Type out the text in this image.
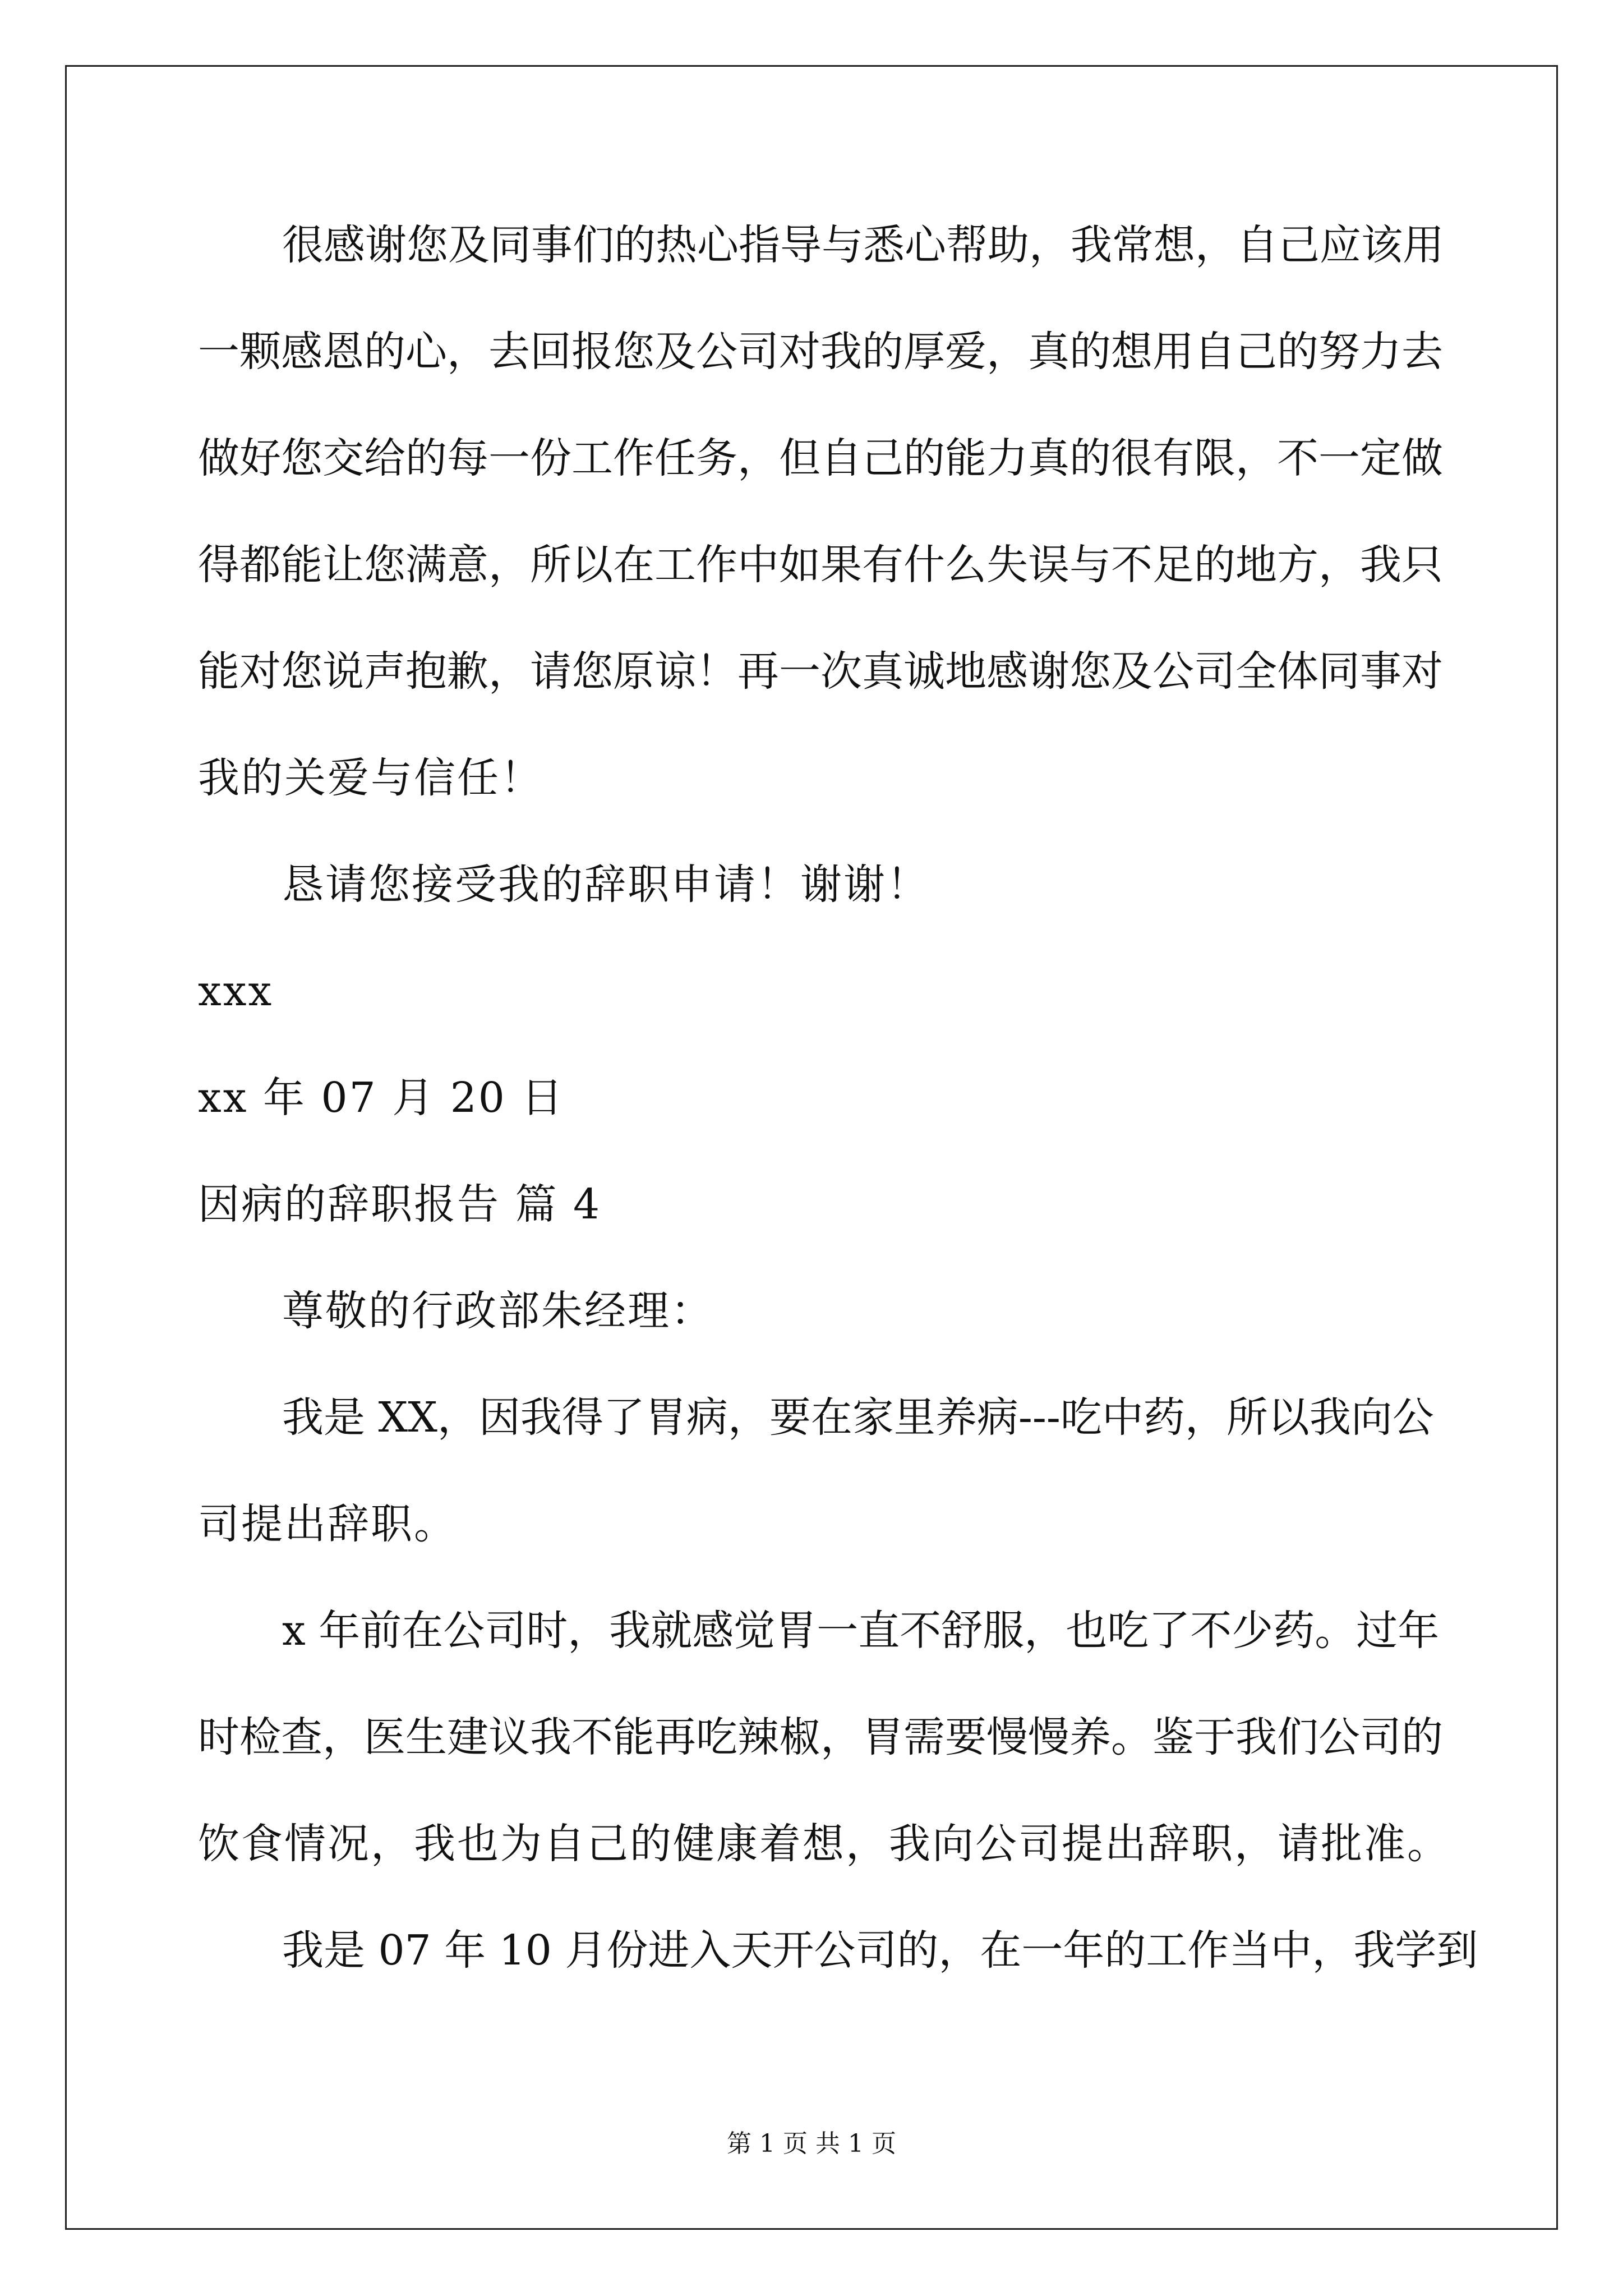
很感谢您及同事们的热心指导与悉心帮助，我常想，自己应该用
一颗感恩的心，去回报您及公司对我的厚爱，真的想用自己的努力去
做好您交给的每一份工作任务，但自己的能力真的很有限，不一定做
得都能让您满意，所以在工作中如果有什么失误与不足的地方，我只
能对您说声抱歉，请您原谅！再一次真诚地感谢您及公司全体同事对
我的关爱与信任！
恳请您接受我的辞职申请！谢谢！
xxx
xx 年 07 月 20 日
因病的辞职报告 篇 4
尊敬的行政部朱经理：
我是 XX，因我得了胃病，要在家里养病---吃中药，所以我向公
司提出辞职。
x 年前在公司时，我就感觉胃一直不舒服，也吃了不少药。过年
时检查，医生建议我不能再吃辣椒，胃需要慢慢养。鉴于我们公司的
饮食情况，我也为自己的健康着想，我向公司提出辞职，请批准。
我是 07 年 10 月份进入天开公司的，在一年的工作当中，我学到
第 1 页 共 1 页
